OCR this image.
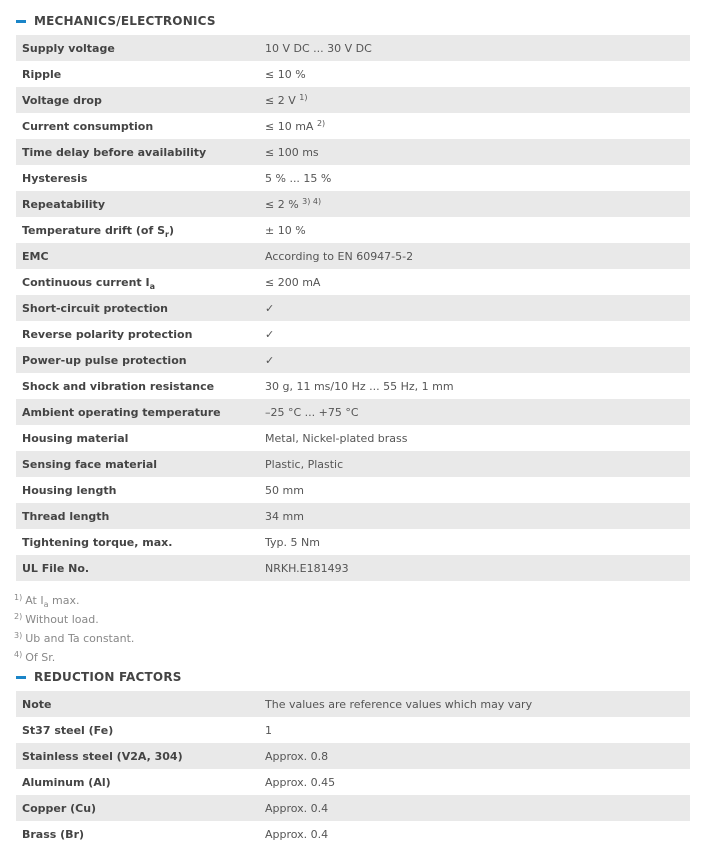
MECHANICS/ELECTRONICS
Supply voltage	10 V DC ... 30 V DC
Ripple	≤ 10 %
Voltage drop	≤ 2 V $^{1)}$
Current consumption	≤ 10 mA $^{2)}$
Time delay before availability	≤ 100 ms
Hysteresis	5 % ... 15 %
Repeatability	≤ 2 % $^{3) 4)}$
Temperature drift (of $S_r$)	± 10 %
EMC	According to EN 60947-5-2
Continuous current $I_a$	≤ 200 mA
Short-circuit protection	✓
Reverse polarity protection	✓
Power-up pulse protection	✓
Shock and vibration resistance	30 g, 11 ms/10 Hz ... 55 Hz, 1 mm
Ambient operating temperature	–25 °C ... +75 °C
Housing material	Metal, Nickel-plated brass
Sensing face material	Plastic, Plastic
Housing length	50 mm
Thread length	34 mm
Tightening torque, max.	Typ. 5 Nm
UL File No.	NRKH.E181493
$^{1)}$ At $I_a$ max.
$^{2)}$ Without load.
$^{3)}$ Ub and Ta constant.
$^{4)}$ Of Sr.
REDUCTION FACTORS
Note	The values are reference values which may vary
St37 steel (Fe)	1
Stainless steel (V2A, 304)	Approx. 0.8
Aluminum (Al)	Approx. 0.45
Copper (Cu)	Approx. 0.4
Brass (Br)	Approx. 0.4
